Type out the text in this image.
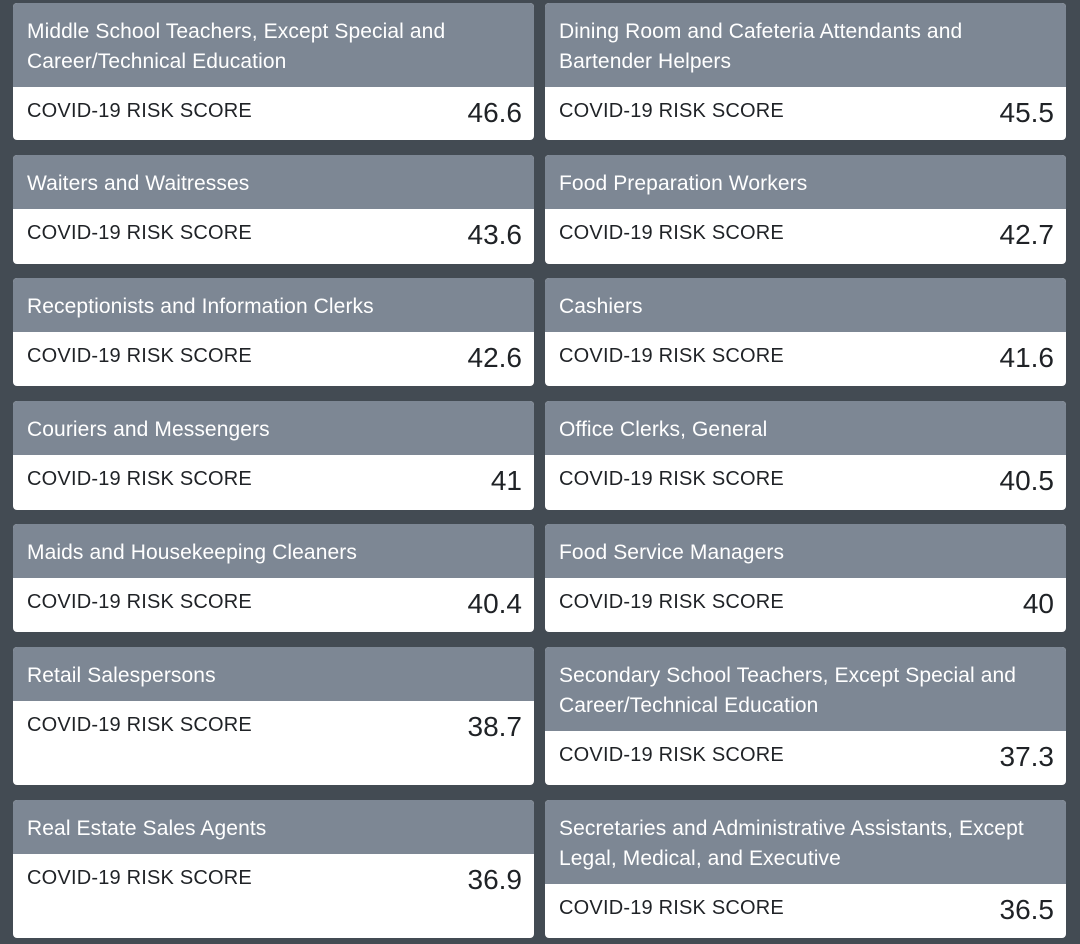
Middle School Teachers, Except Special and Career/Technical Education
COVID-19 RISK SCORE	46.6
Dining Room and Cafeteria Attendants and Bartender Helpers
COVID-19 RISK SCORE	45.5
Waiters and Waitresses
COVID-19 RISK SCORE	43.6
Food Preparation Workers
COVID-19 RISK SCORE	42.7
Receptionists and Information Clerks
COVID-19 RISK SCORE	42.6
Cashiers
COVID-19 RISK SCORE	41.6
Couriers and Messengers
COVID-19 RISK SCORE	41
Office Clerks, General
COVID-19 RISK SCORE	40.5
Maids and Housekeeping Cleaners
COVID-19 RISK SCORE	40.4
Food Service Managers
COVID-19 RISK SCORE	40
Retail Salespersons
COVID-19 RISK SCORE	38.7
Secondary School Teachers, Except Special and Career/Technical Education
COVID-19 RISK SCORE	37.3
Real Estate Sales Agents
COVID-19 RISK SCORE	36.9
Secretaries and Administrative Assistants, Except Legal, Medical, and Executive
COVID-19 RISK SCORE	36.5
